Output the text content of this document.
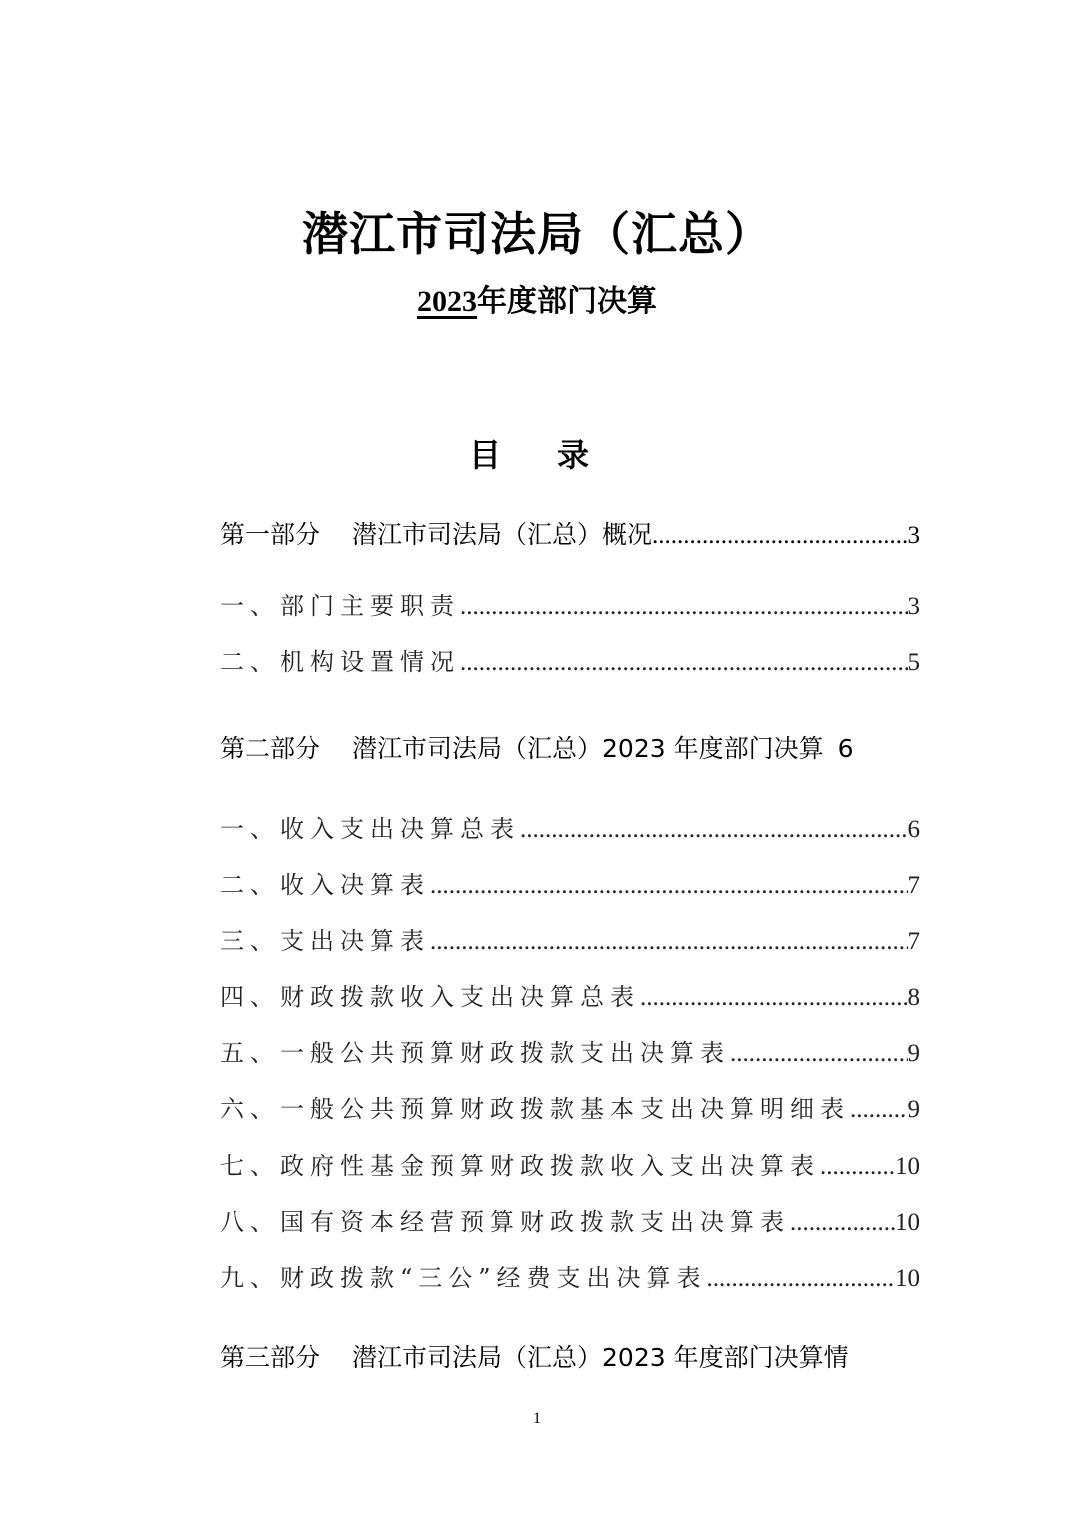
潜江市司法局（汇总）
2023年度部门决算
目录
第一部分 潜江市司法局（汇总）概况 .....	3
一、部门主要职责 .....	3
二、机构设置情况 .....	5
第二部分 潜江市司法局（汇总）2023 年度部门决算 6
一、收入支出决算总表 .....	6
二、收入决算表 .....	7
三、支出决算表 .....	7
四、财政拨款收入支出决算总表 .....	8
五、一般公共预算财政拨款支出决算表 .....	9
六、一般公共预算财政拨款基本支出决算明细表 ..... 9
七、政府性基金预算财政拨款收入支出决算表 .....	10
八、国有资本经营预算财政拨款支出决算表 .....	10
九、财政拨款“三公”经费支出决算表 .....	10
第三部分 潜江市司法局（汇总）2023 年度部门决算情
1
